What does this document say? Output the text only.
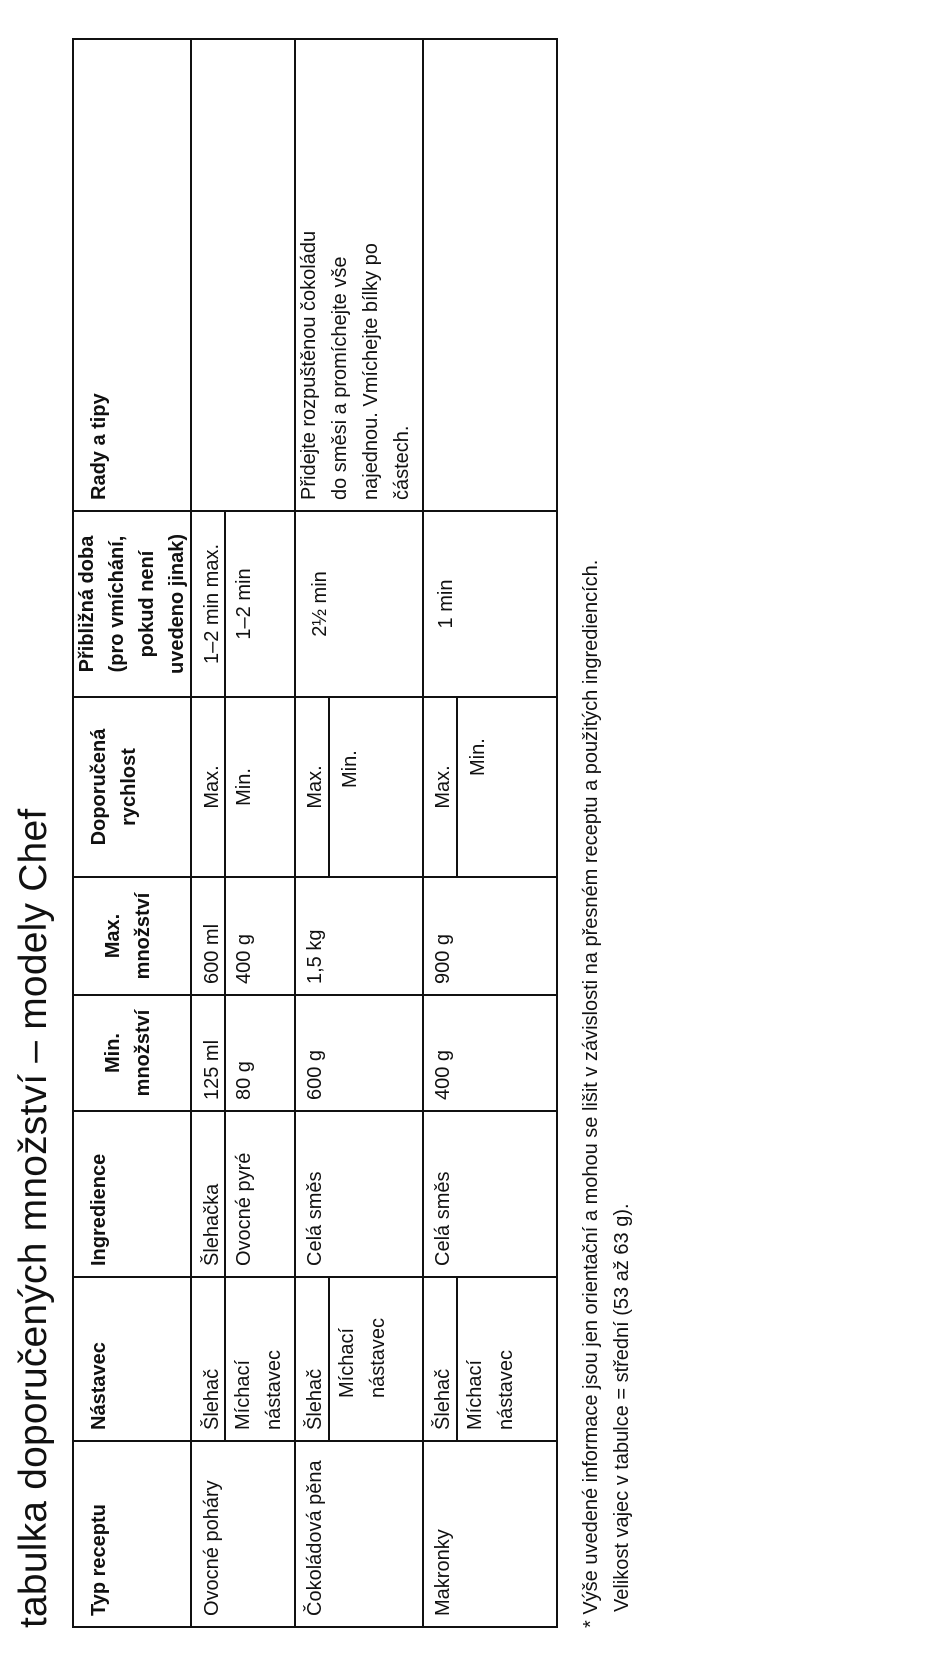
tabulka doporučených množství – modely Chef Typ receptu
Nástavec
Ingredience
Min. množství
Max. množství
Doporučená rychlost
Přibližná doba (pro vmíchání, pokud není uvedeno jinak)
Rady a tipy
Ovocné poháry
Šlehač Míchací nástavec
Šlehačka Ovocné pyré
125 ml 80 g
600 ml 400 g
Max. Min.
1–2 min max. 1–2 min
Čokoládová pěna
Šlehač
Míchací nástavec
Celá směs
600 g
1,5 kg
Max. Min.
2½ min
Přidejte rozpuštěnou čokoládu do směsi a promíchejte vše najednou. Vmíchejte bílky po částech.
Makronky
Šlehač Míchací nástavec
Celá směs
400 g
900 g
Max.
Min.
1 min	* Výše uvedené informace jsou jen orientační a mohou se lišit v závislosti na přesném receptu a použitých ingrediencích. Velikost vajec v tabulce = střední (53 až 63 g).
